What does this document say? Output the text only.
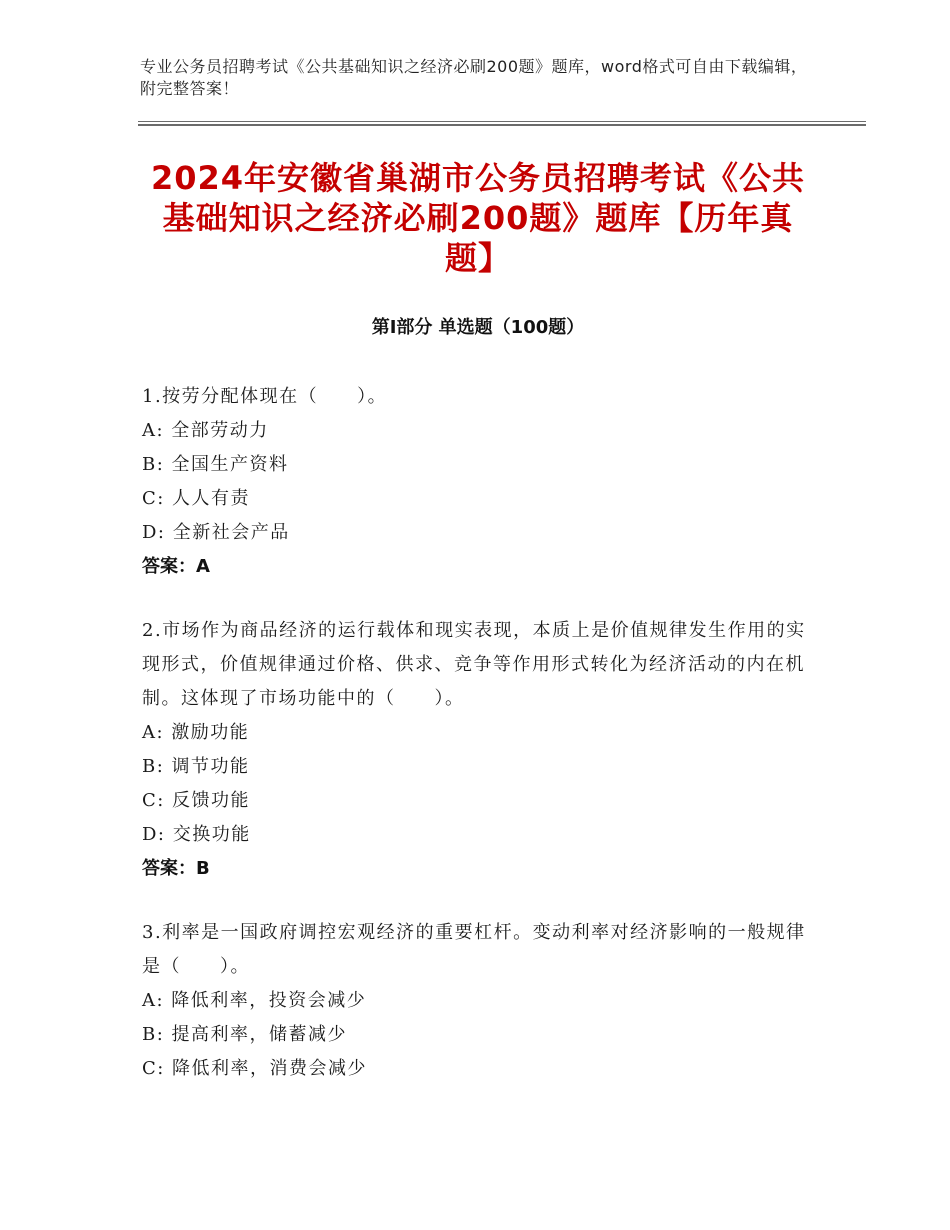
专业公务员招聘考试《公共基础知识之经济必刷200题》题库，word格式可自由下载编辑，附完整答案！
2024年安徽省巢湖市公务员招聘考试《公共基础知识之经济必刷200题》题库【历年真题】
第Ⅰ部分 单选题（100题）
1.按劳分配体现在（　　）。
A: 全部劳动力
B: 全国生产资料
C: 人人有责
D: 全新社会产品
答案：A
2.市场作为商品经济的运行载体和现实表现，本质上是价值规律发生作用的实现形式，价值规律通过价格、供求、竞争等作用形式转化为经济活动的内在机制。这体现了市场功能中的（　　）。
A: 激励功能
B: 调节功能
C: 反馈功能
D: 交换功能
答案：B
3.利率是一国政府调控宏观经济的重要杠杆。变动利率对经济影响的一般规律是（　　）。
A: 降低利率，投资会减少
B: 提高利率，储蓄减少
C: 降低利率，消费会减少
